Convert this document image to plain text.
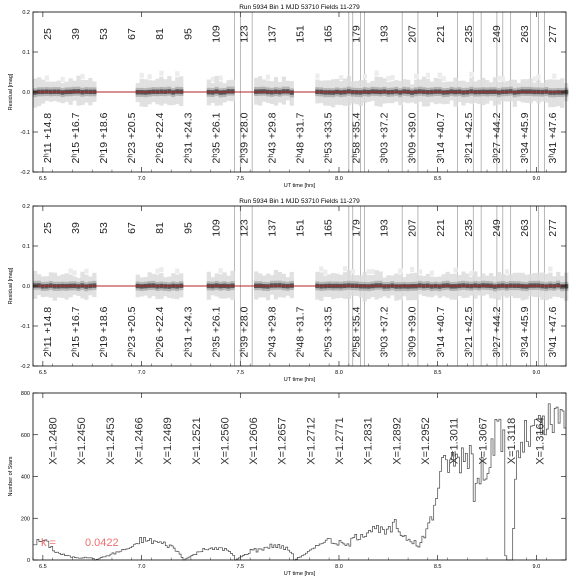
25 39 53 67 81 95 109 123 137 151 165 179 193 207 221 235 249 263 277
2ʰ11 +14.8 2ʰ15 +16.7 2ʰ19 +18.6 2ʰ23 +20.5 2ʰ26 +22.4 2ʰ31 +24.3 2ʰ35 +26.1 2ʰ39 +28.0 2ʰ43 +29.8 2ʰ48 +31.7 2ʰ53 +33.5 2ʰ58 +35.4 3ʰ03 +37.2 3ʰ09 +39.0 3ʰ14 +40.7 3ʰ21 +42.5 3ʰ27 +44.2 3ʰ34 +45.9 3ʰ41 +47.6
6.5	7.0	7.5	8.0	8.5	9.0
-0.2
-0.1
0.0
0.1
0.2
UT time [hrs]
Residual [mag]
Run 5934 Bin 1 MJD 53710 Fields 11-279
25 39 53 67 81 95 109 123 137 151 165 179 193 207 221 235 249 263 277
2ʰ11 +14.8 2ʰ15 +16.7 2ʰ19 +18.6 2ʰ23 +20.5 2ʰ26 +22.4 2ʰ31 +24.3 2ʰ35 +26.1 2ʰ39 +28.0 2ʰ43 +29.8 2ʰ48 +31.7 2ʰ53 +33.5 2ʰ58 +35.4 3ʰ03 +37.2 3ʰ09 +39.0 3ʰ14 +40.7 3ʰ21 +42.5 3ʰ27 +44.2 3ʰ34 +45.9 3ʰ41 +47.6
6.5	7.0	7.5	8.0	8.5	9.0
-0.2
-0.1
0.0
0.1
0.2
UT time [hrs]
Residual [mag]
Run 5934 Bin 1 MJD 53710 Fields 11-279
X=1.2480 X=1.2450 X=1.2453 X=1.2466 X=1.2489 X=1.2521 X=1.2560 X=1.2606 X=1.2657 X=1.2712 X=1.2771 X=1.2831 X=1.2892 X=1.2952 X=1.3011 X=1.3067 X=1.3118 X=1.3164
k =	0.0422
6.5	7.0	7.5	8.0	8.5	9.0
0
200
400
600
800
UT time [hrs]
Number of Stars
